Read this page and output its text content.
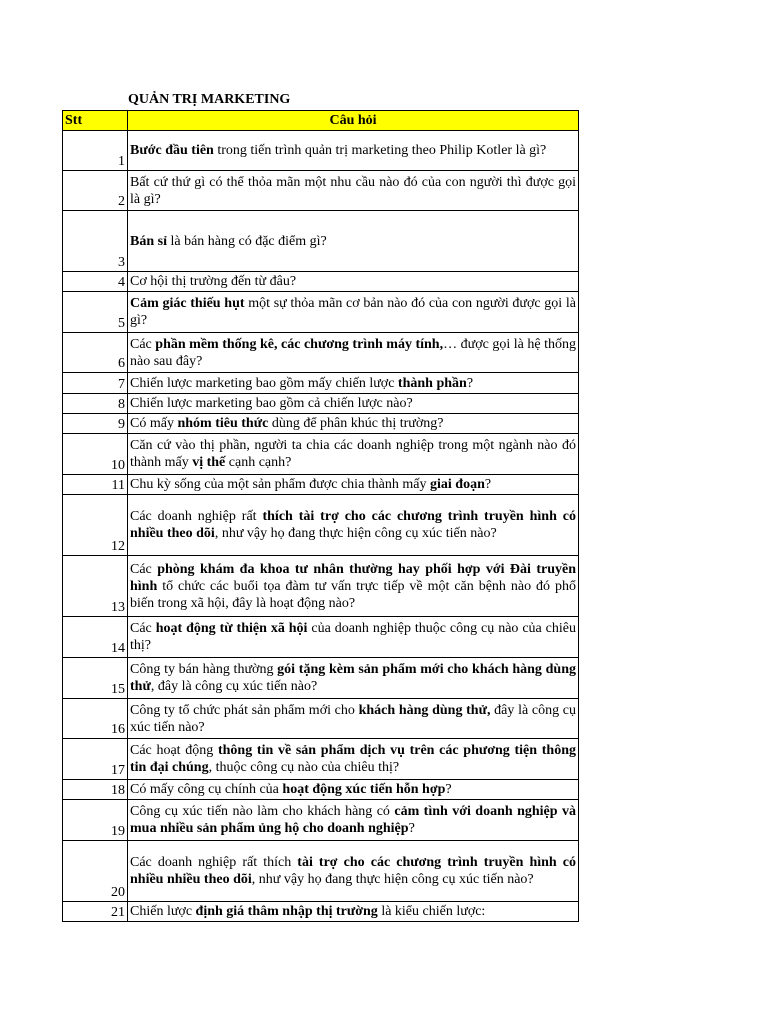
QUẢN TRỊ MARKETING
Stt	Câu hỏi
1	Bước đầu tiên trong tiến trình quản trị marketing theo Philip Kotler là gì?
2	Bất cứ thứ gì có thể thỏa mãn một nhu cầu nào đó của con người thì được gọi là gì?
3	Bán sỉ là bán hàng có đặc điểm gì?
4	Cơ hội thị trường đến từ đâu?
5	Cảm giác thiếu hụt một sự thỏa mãn cơ bản nào đó của con người được gọi là gì?
6	Các phần mềm thống kê, các chương trình máy tính,… được gọi là hệ thống nào sau đây?
7	Chiến lược marketing bao gồm mấy chiến lược thành phần?
8	Chiến lược marketing bao gồm cả chiến lược nào?
9	Có mấy nhóm tiêu thức dùng để phân khúc thị trường?
10	Căn cứ vào thị phần, người ta chia các doanh nghiệp trong một ngành nào đó thành mấy vị thế cạnh cạnh?
11	Chu kỳ sống của một sản phẩm được chia thành mấy giai đoạn?
12	Các doanh nghiệp rất thích tài trợ cho các chương trình truyền hình có nhiều theo dõi, như vậy họ đang thực hiện công cụ xúc tiến nào?
13	Các phòng khám đa khoa tư nhân thường hay phối hợp với Đài truyền hình tổ chức các buổi tọa đàm tư vấn trực tiếp về một căn bệnh nào đó phổ biến trong xã hội, đây là hoạt động nào?
14	Các hoạt động từ thiện xã hội của doanh nghiệp thuộc công cụ nào của chiêu thị?
15	Công ty bán hàng thường gói tặng kèm sản phẩm mới cho khách hàng dùng thử, đây là công cụ xúc tiến nào?
16	Công ty tổ chức phát sản phẩm mới cho khách hàng dùng thử, đây là công cụ xúc tiến nào?
17	Các hoạt động thông tin về sản phẩm dịch vụ trên các phương tiện thông tin đại chúng, thuộc công cụ nào của chiêu thị?
18	Có mấy công cụ chính của hoạt động xúc tiến hỗn hợp?
19	Công cụ xúc tiến nào làm cho khách hàng có cảm tình với doanh nghiệp và mua nhiều sản phẩm ủng hộ cho doanh nghiệp?
20	Các doanh nghiệp rất thích tài trợ cho các chương trình truyền hình có nhiều nhiều theo dõi, như vậy họ đang thực hiện công cụ xúc tiến nào?
21	Chiến lược định giá thâm nhập thị trường là kiểu chiến lược:
